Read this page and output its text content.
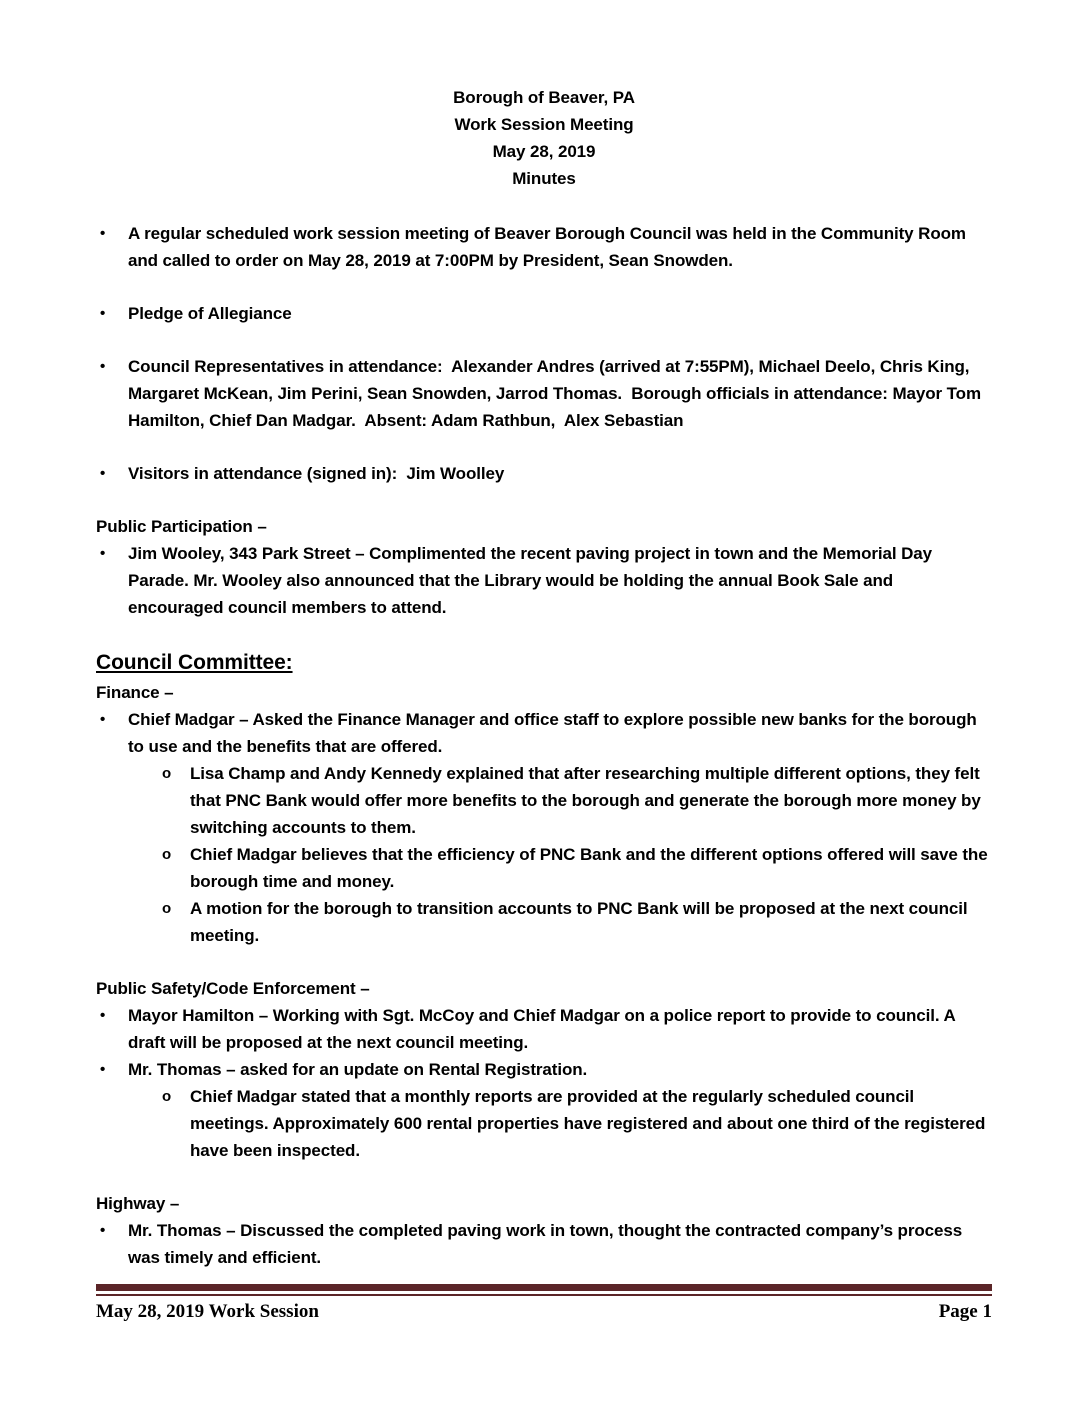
Borough of Beaver, PA

Work Session Meeting

May 28, 2019

Minutes

•	A regular scheduled work session meeting of Beaver Borough Council was held in the Community Room and called to order on May 28, 2019 at 7:00PM by President, Sean Snowden.
•	Pledge of Allegiance
•	Council Representatives in attendance:  Alexander Andres (arrived at 7:55PM), Michael Deelo, Chris King, Margaret McKean, Jim Perini, Sean Snowden, Jarrod Thomas.  Borough officials in attendance: Mayor Tom Hamilton, Chief Dan Madgar.  Absent: Adam Rathbun,  Alex Sebastian
•	Visitors in attendance (signed in):  Jim Woolley
Public Participation –
•	Jim Wooley, 343 Park Street – Complimented the recent paving project in town and the Memorial Day Parade. Mr. Wooley also announced that the Library would be holding the annual Book Sale and encouraged council members to attend.
Council Committee:
Finance –
•	Chief Madgar – Asked the Finance Manager and office staff to explore possible new banks for the borough to use and the benefits that are offered.
o	Lisa Champ and Andy Kennedy explained that after researching multiple different options, they felt that PNC Bank would offer more benefits to the borough and generate the borough more money by switching accounts to them.
o	Chief Madgar believes that the efficiency of PNC Bank and the different options offered will save the borough time and money.
o	A motion for the borough to transition accounts to PNC Bank will be proposed at the next council meeting.
Public Safety/Code Enforcement –
•	Mayor Hamilton – Working with Sgt. McCoy and Chief Madgar on a police report to provide to council. A draft will be proposed at the next council meeting.
•	Mr. Thomas – asked for an update on Rental Registration.
o	Chief Madgar stated that a monthly reports are provided at the regularly scheduled council meetings. Approximately 600 rental properties have registered and about one third of the registered have been inspected.
Highway –
•	Mr. Thomas – Discussed the completed paving work in town, thought the contracted company’s process was timely and efficient.
May 28, 2019 Work Session	Page 1
